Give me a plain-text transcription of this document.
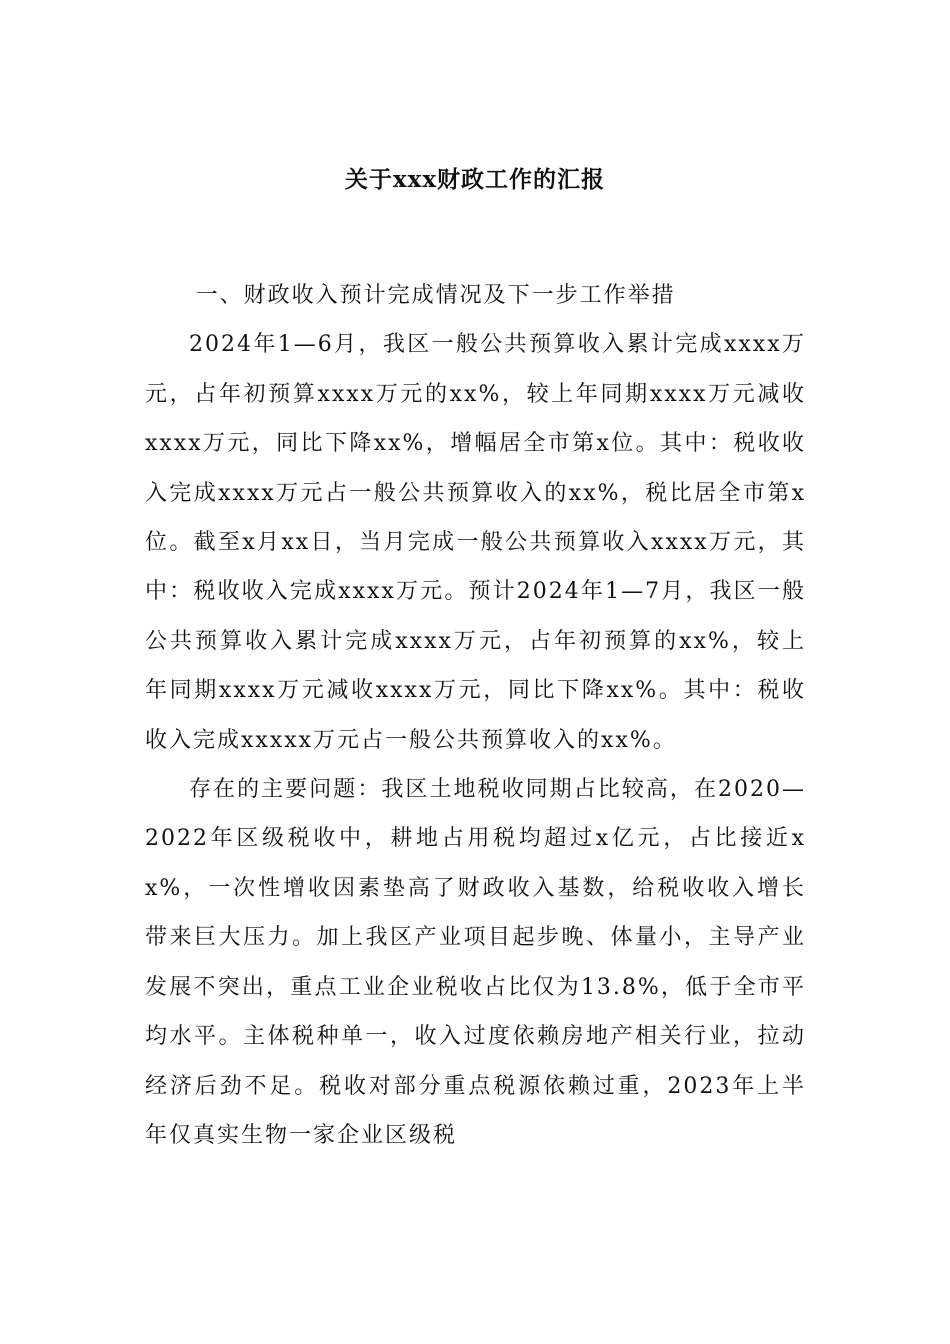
关于xxx财政工作的汇报

一、财政收入预计完成情况及下一步工作举措

2024年1—6月，我区一般公共预算收入累计完成xxxx万元，占年初预算xxxx万元的xx%，较上年同期xxxx万元减收xxxx万元，同比下降xx%，增幅居全市第x位。其中：税收收入完成xxxx万元占一般公共预算收入的xx%，税比居全市第x位。截至x月xx日，当月完成一般公共预算收入xxxx万元，其中：税收收入完成xxxx万元。预计2024年1—7月，我区一般公共预算收入累计完成xxxx万元，占年初预算的xx%，较上年同期xxxx万元减收xxxx万元，同比下降xx%。其中：税收收入完成xxxxx万元占一般公共预算收入的xx%。

存在的主要问题：我区土地税收同期占比较高，在2020—2022年区级税收中，耕地占用税均超过x亿元，占比接近xx%，一次性增收因素垫高了财政收入基数，给税收收入增长带来巨大压力。加上我区产业项目起步晚、体量小，主导产业发展不突出，重点工业企业税收占比仅为13.8%，低于全市平均水平。主体税种单一，收入过度依赖房地产相关行业，拉动经济后劲不足。税收对部分重点税源依赖过重，2023年上半年仅真实生物一家企业区级税
